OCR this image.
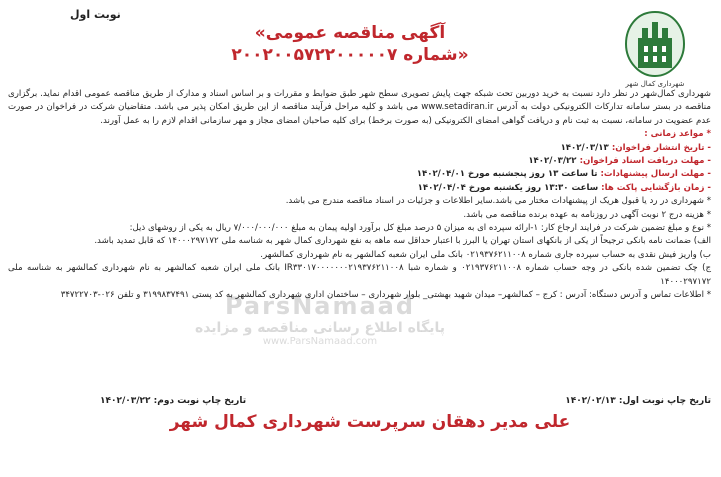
نوبت اول
شهرداری کمال شهر
«آگهی مناقصه عمومی
شماره ۲۰۰۲۰۰۵۷۲۲۰۰۰۰۰۷»
ParsNamaad
پایگاه اطلاع رسانی مناقصه و مزایده
www.ParsNamaad.com

شهرداری کمال‌شهر در نظر دارد نسبت به خرید دوربین تحت شبکه جهت پایش تصویری سطح شهر طبق ضوابط و مقررات و بر اساس اسناد و مدارک از طریق مناقصه عمومی اقدام نماید. برگزاری مناقصه در بستر سامانه تدارکات الکترونیکی دولت به آدرس www.setadiran.ir می باشد و کلیه مراحل فرآیند مناقصه از این طریق امکان پذیر می باشد. متقاضیان شرکت در فراخوان در صورت عدم عضویت در سامانه، نسبت به ثبت نام و دریافت گواهی امضای الکترونیکی (به صورت برخط) برای کلیه صاحبان امضای مجاز و مهر سازمانی اقدام لازم را به عمل آورند.

* مواعد زمانی :

- تاریخ انتشار فراخوان: ۱۴۰۲/۰۳/۱۳

- مهلت دریافت اسناد فراخوان: ۱۴۰۲/۰۳/۲۲

- مهلت ارسال پیشنهادات: تا ساعت ۱۳ روز پنجشنبه مورخ ۱۴۰۲/۰۴/۰۱

- زمان بازگشایی پاکت ها: ساعت ۱۳:۳۰ روز یکشنبه مورخ ۱۴۰۲/۰۴/۰۴

* شهرداری در رد یا قبول هریک از پیشنهادات مختار می باشد.سایر اطلاعات و جزئیات در اسناد مناقصه مندرج می باشد.

* هزینه درج ۲ نوبت آگهی در روزنامه به عهده برنده مناقصه می باشد.

* نوع و مبلغ تضمین شرکت در فرایند ارجاع کار: ۱-ارائه سپرده ای به میزان ۵ درصد مبلغ کل برآورد اولیه پیمان به مبلغ ۷/۰۰۰/۰۰۰/۰۰۰ ریال به یکی از روشهای ذیل:

الف) ضمانت نامه بانکی ترجیحاً از یکی از بانکهای استان تهران یا البرز با اعتبار حداقل سه ماهه به نفع شهرداری کمال شهر به شناسه ملی ۱۴۰۰۰۲۹۷۱۷۲ که قابل تمدید باشد.

ب) واریز فیش نقدی به حساب سپرده جاری شماره ۰۲۱۹۳۷۶۲۱۱۰۰۸ بانک ملی ایران شعبه کمالشهر به نام شهرداری کمالشهر.

ج) چک تضمین شده بانکی در وجه حساب شماره ۰۲۱۹۳۷۶۲۱۱۰۰۸ و شماره شبا IR۳۳۰۱۷۰۰۰۰۰۰۰۲۱۹۳۷۶۲۱۱۰۰۸ بانک ملی ایران شعبه کمالشهر به نام شهرداری کمالشهر به شناسه ملی ۱۴۰۰۰۲۹۷۱۷۲

* اطلاعات تماس و آدرس دستگاه: آدرس : کرج – کمالشهر– میدان شهید بهشتی_ بلوار شهرداری – ساختمان اداری شهرداری کمالشهر به کد پستی ۳۱۹۹۸۳۷۴۹۱ و تلفن ۰۲۶-۳۴۷۲۲۷۰۳

تاریخ چاپ نوبت اول: ۱۴۰۲/۰۲/۱۳
تاریخ چاپ نوبت دوم: ۱۴۰۲/۰۳/۲۲
علی مدیر دهقان سرپرست شهرداری کمال شهر
